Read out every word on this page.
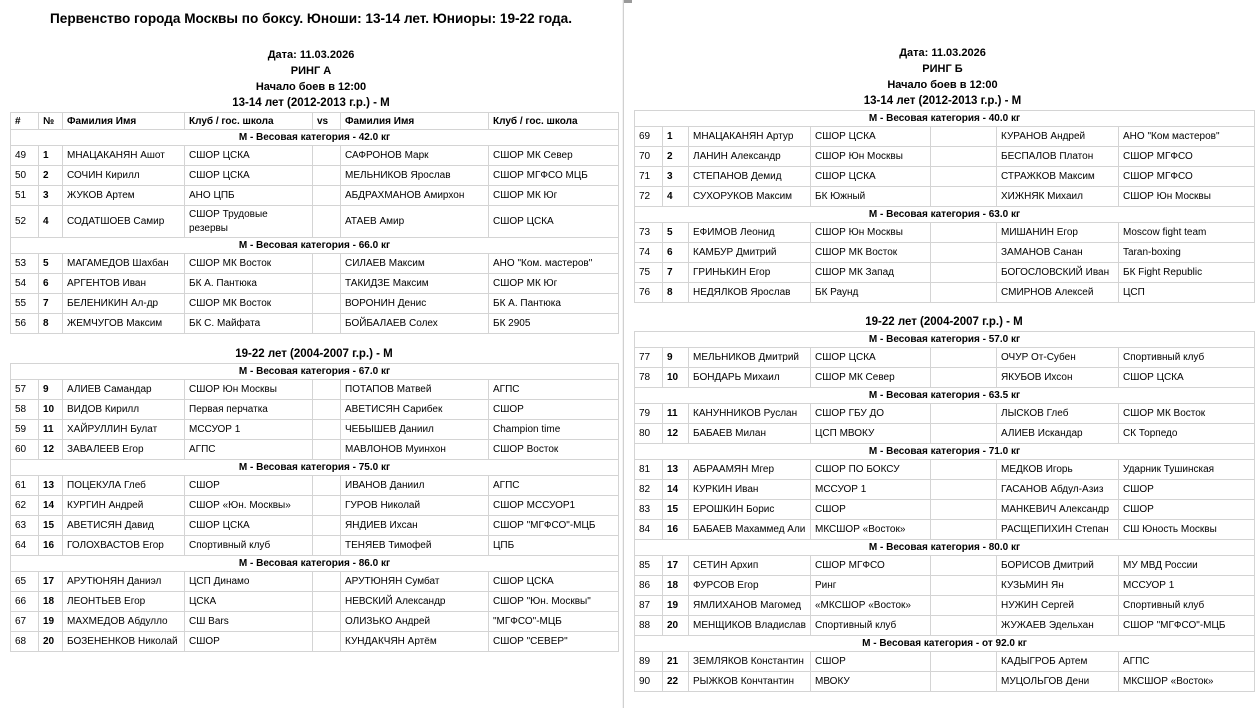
Первенство города Москвы по боксу. Юноши: 13-14 лет. Юниоры: 19-22 года.
Дата: 11.03.2026
РИНГ А
Начало боев в 12:00
13-14 лет (2012-2013 г.р.) - М
#	№	Фамилия Имя	Клуб / гос. школа	vs	Фамилия Имя	Клуб / гос. школа
М - Весовая категория - 42.0 кг						
49	1	МНАЦАКАНЯН Ашот	СШОР ЦСКА		САФРОНОВ Марк	СШОР МК Север
50	2	СОЧИН Кирилл	СШОР ЦСКА		МЕЛЬНИКОВ Ярослав	СШОР МГФСО МЦБ
51	3	ЖУКОВ Артем	АНО ЦПБ		АБДРАХМАНОВ Амирхон	СШОР МК Юг
52	4	СОДАТШОЕВ Самир	СШОР Трудовые резервы		АТАЕВ Амир	СШОР ЦСКА
М - Весовая категория - 66.0 кг						
53	5	МАГАМЕДОВ Шахбан	СШОР МК Восток		СИЛАЕВ Максим	АНО "Ком. мастеров"
54	6	АРГЕНТОВ Иван	БК А. Пантюка		ТАКИДЗЕ Максим	СШОР МК Юг
55	7	БЕЛЕНИКИН Ал-др	СШОР МК Восток		ВОРОНИН Денис	БК А. Пантюка
56	8	ЖЕМЧУГОВ Максим	БК С. Майфата		БОЙБАЛАЕВ Солех	БК 2905
19-22 лет (2004-2007 г.р.) - М
М - Весовая категория - 67.0 кг						
57	9	АЛИЕВ Самандар	СШОР Юн Москвы		ПОТАПОВ Матвей	АГПС
58	10	ВИДОВ Кирилл	Первая перчатка		АВЕТИСЯН Сарибек	СШОР
59	11	ХАЙРУЛЛИН Булат	МССУОР 1		ЧЕБЫШЕВ Даниил	Champion time
60	12	ЗАВАЛЕЕВ Егор	АГПС		МАВЛОНОВ Муинхон	СШОР Восток
М - Весовая категория - 75.0 кг						
61	13	ПОЦЕКУЛА Глеб	СШОР		ИВАНОВ Даниил	АГПС
62	14	КУРГИН Андрей	СШОР «Юн. Москвы»		ГУРОВ Николай	СШОР МССУОР1
63	15	АВЕТИСЯН Давид	СШОР ЦСКА		ЯНДИЕВ Ихсан	СШОР "МГФСО"-МЦБ
64	16	ГОЛОХВАСТОВ Егор	Спортивный клуб		ТЕНЯЕВ Тимофей	ЦПБ
М - Весовая категория - 86.0 кг						
65	17	АРУТЮНЯН Даниэл	ЦСП Динамо		АРУТЮНЯН Сумбат	СШОР ЦСКА
66	18	ЛЕОНТЬЕВ Егор	ЦСКА		НЕВСКИЙ Александр	СШОР "Юн. Москвы"
67	19	МАХМЕДОВ Абдулло	СШ Bars		ОЛИЗЬКО Андрей	"МГФСО"-МЦБ
68	20	БОЗЕНЕНКОВ Николай	СШОР		КУНДАКЧЯН Артём	СШОР "СЕВЕР"
Дата: 11.03.2026
РИНГ Б
Начало боев в 12:00
13-14 лет (2012-2013 г.р.) - М
М - Весовая категория - 40.0 кг						
69	1	МНАЦАКАНЯН Артур	СШОР ЦСКА		КУРАНОВ Андрей	АНО "Ком мастеров"
70	2	ЛАНИН Александр	СШОР Юн Москвы		БЕСПАЛОВ Платон	СШОР МГФСО
71	3	СТЕПАНОВ Демид	СШОР ЦСКА		СТРАЖКОВ Максим	СШОР МГФСО
72	4	СУХОРУКОВ Максим	БК Южный		ХИЖНЯК Михаил	СШОР Юн Москвы
М - Весовая категория - 63.0 кг						
73	5	ЕФИМОВ Леонид	СШОР Юн Москвы		МИШАНИН Егор	Moscow fight team
74	6	КАМБУР Дмитрий	СШОР МК Восток		ЗАМАНОВ Санан	Taran-boxing
75	7	ГРИНЬКИН Егор	СШОР МК Запад		БОГОСЛОВСКИЙ Иван	БК Fight Republic
76	8	НЕДЯЛКОВ Ярослав	БК Раунд		СМИРНОВ Алексей	ЦСП
19-22 лет (2004-2007 г.р.) - М
М - Весовая категория - 57.0 кг						
77	9	МЕЛЬНИКОВ Дмитрий	СШОР ЦСКА		ОЧУР От-Субен	Спортивный клуб
78	10	БОНДАРЬ Михаил	СШОР МК Север		ЯКУБОВ Ихсон	СШОР ЦСКА
М - Весовая категория - 63.5 кг						
79	11	КАНУННИКОВ Руслан	СШОР ГБУ ДО		ЛЫСКОВ Глеб	СШОР МК Восток
80	12	БАБАЕВ Милан	ЦСП МВОКУ		АЛИЕВ Искандар	СК Торпедо
М - Весовая категория - 71.0 кг						
81	13	АБРААМЯН Мгер	СШОР ПО БОКСУ		МЕДКОВ Игорь	Ударник Тушинская
82	14	КУРКИН Иван	МССУОР 1		ГАСАНОВ Абдул-Азиз	СШОР
83	15	ЕРОШКИН Борис	СШОР		МАНКЕВИЧ Александр	СШОР
84	16	БАБАЕВ Махаммед Али	МКСШОР «Восток»		РАСЩЕПИХИН Степан	СШ Юность Москвы
М - Весовая категория - 80.0 кг						
85	17	СЕТИН Архип	СШОР МГФСО		БОРИСОВ Дмитрий	МУ МВД России
86	18	ФУРСОВ Егор	Ринг		КУЗЬМИН Ян	МССУОР 1
87	19	ЯМЛИХАНОВ Магомед	«МКСШОР «Восток»		НУЖИН Сергей	Спортивный клуб
88	20	МЕНЩИКОВ Владислав	Спортивный клуб		ЖУЖАЕВ Эдельхан	СШОР "МГФСО"-МЦБ
М - Весовая категория - от 92.0 кг						
89	21	ЗЕМЛЯКОВ Константин	СШОР		КАДЫГРОБ Артем	АГПС
90	22	РЫЖКОВ Кончтантин	МВОКУ		МУЦОЛЬГОВ Дени	МКСШОР «Восток»
